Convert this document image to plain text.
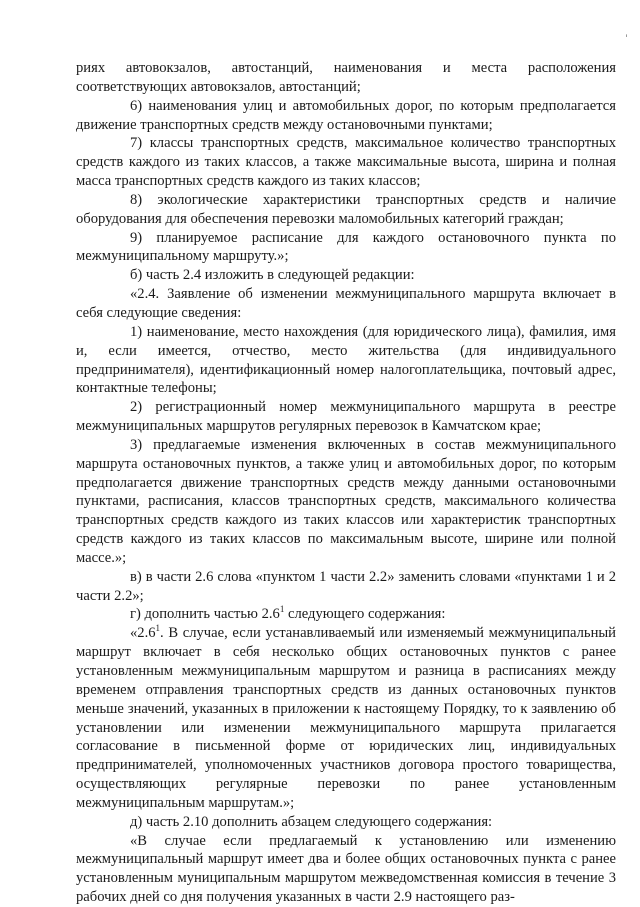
ˈ

риях автовокзалов, автостанций, наименования и места расположения соответствующих автовокзалов, автостанций;

6) наименования улиц и автомобильных дорог, по которым предполагается движение транспортных средств между остановочными пунктами;

7) классы транспортных средств, максимальное количество транспортных средств каждого из таких классов, а также максимальные высота, ширина и полная масса транспортных средств каждого из таких классов;

8) экологические характеристики транспортных средств и наличие оборудования для обеспечения перевозки маломобильных категорий граждан;

9) планируемое расписание для каждого остановочного пункта по межмуниципальному маршруту.»;

б) часть 2.4 изложить в следующей редакции:

«2.4. Заявление об изменении межмуниципального маршрута включает в себя следующие сведения:

1) наименование, место нахождения (для юридического лица), фамилия, имя и, если имеется, отчество, место жительства (для индивидуального предпринимателя), идентификационный номер налогоплательщика, почтовый адрес, контактные телефоны;

2) регистрационный номер межмуниципального маршрута в реестре межмуниципальных маршрутов регулярных перевозок в Камчатском крае;

3) предлагаемые изменения включенных в состав межмуниципального маршрута остановочных пунктов, а также улиц и автомобильных дорог, по которым предполагается движение транспортных средств между данными остановочными пунктами, расписания, классов транспортных средств, максимального количества транспортных средств каждого из таких классов или характеристик транспортных средств каждого из таких классов по максимальным высоте, ширине или полной массе.»;

в) в части 2.6 слова «пунктом 1 части 2.2» заменить словами «пунктами 1 и 2 части 2.2»;

г) дополнить частью $2.6^1$ следующего содержания:

«$2.6^1$. В случае, если устанавливаемый или изменяемый межмуниципальный маршрут включает в себя несколько общих остановочных пунктов с ранее установленным межмуниципальным маршрутом и разница в расписаниях между временем отправления транспортных средств из данных остановочных пунктов меньше значений, указанных в приложении к настоящему Порядку, то к заявлению об установлении или изменении межмуниципального маршрута прилагается согласование в письменной форме от юридических лиц, индивидуальных предпринимателей, уполномоченных участников договора простого товарищества, осуществляющих регулярные перевозки по ранее установленным межмуниципальным маршрутам.»;

д) часть 2.10 дополнить абзацем следующего содержания:

«В случае если предлагаемый к установлению или изменению межмуниципальный маршрут имеет два и более общих остановочных пункта с ранее установленным муниципальным маршрутом межведомственная комиссия в течение 3 рабочих дней со дня получения указанных в части 2.9 настоящего раз-
